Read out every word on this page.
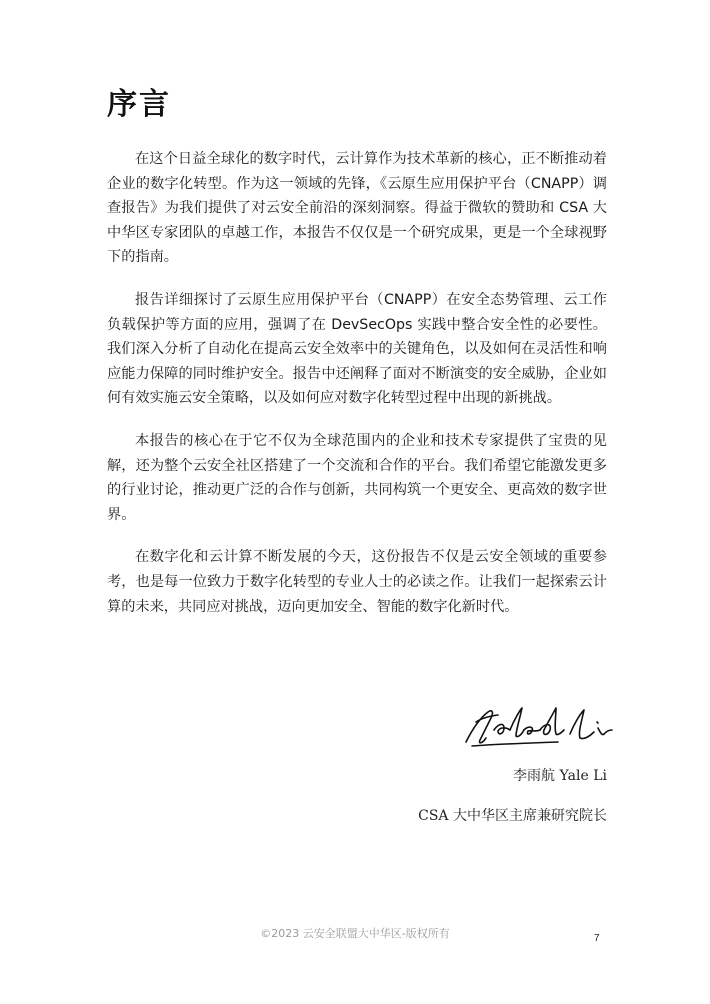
序言

在这个日益全球化的数字时代，云计算作为技术革新的核心，正不断推动着企业的数字化转型。作为这一领域的先锋，《云原生应用保护平台（CNAPP）调查报告》为我们提供了对云安全前沿的深刻洞察。得益于微软的赞助和 CSA 大中华区专家团队的卓越工作，本报告不仅仅是一个研究成果，更是一个全球视野下的指南。

报告详细探讨了云原生应用保护平台（CNAPP）在安全态势管理、云工作负载保护等方面的应用，强调了在 DevSecOps 实践中整合安全性的必要性。我们深入分析了自动化在提高云安全效率中的关键角色，以及如何在灵活性和响应能力保障的同时维护安全。报告中还阐释了面对不断演变的安全威胁，企业如何有效实施云安全策略，以及如何应对数字化转型过程中出现的新挑战。

本报告的核心在于它不仅为全球范围内的企业和技术专家提供了宝贵的见解，还为整个云安全社区搭建了一个交流和合作的平台。我们希望它能激发更多的行业讨论，推动更广泛的合作与创新，共同构筑一个更安全、更高效的数字世界。

在数字化和云计算不断发展的今天，这份报告不仅是云安全领域的重要参考，也是每一位致力于数字化转型的专业人士的必读之作。让我们一起探索云计算的未来，共同应对挑战，迈向更加安全、智能的数字化新时代。

李雨航 Yale Li
CSA 大中华区主席兼研究院长
©2023 云安全联盟大中华区-版权所有	7
